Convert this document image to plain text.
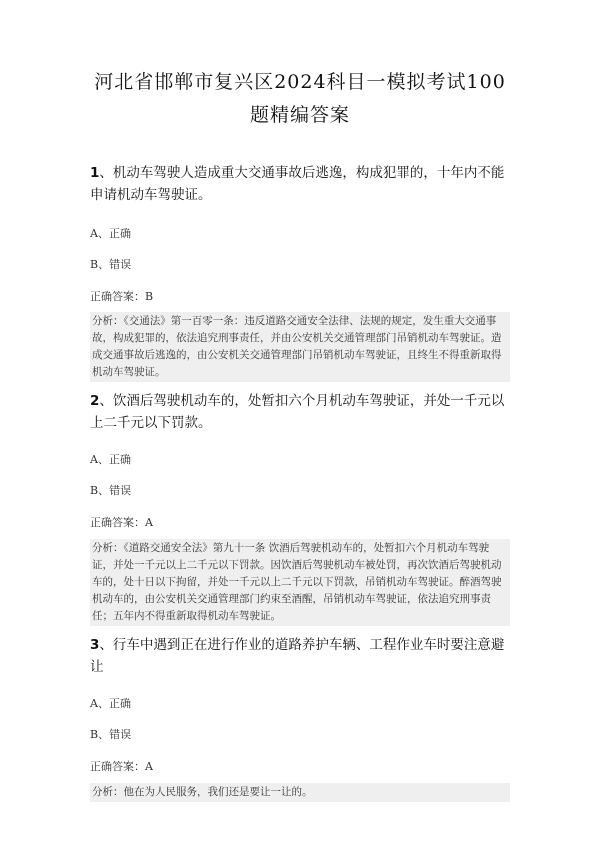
河北省邯郸市复兴区2024科目一模拟考试100题精编答案

1、机动车驾驶人造成重大交通事故后逃逸，构成犯罪的，十年内不能申请机动车驾驶证。

A、正确

B、错误

正确答案：B

分析：《交通法》第一百零一条：违反道路交通安全法律、法规的规定，发生重大交通事故，构成犯罪的，依法追究刑事责任，并由公安机关交通管理部门吊销机动车驾驶证。造成交通事故后逃逸的，由公安机关交通管理部门吊销机动车驾驶证，且终生不得重新取得机动车驾驶证。

2、饮酒后驾驶机动车的，处暂扣六个月机动车驾驶证，并处一千元以上二千元以下罚款。

A、正确

B、错误

正确答案：A

分析：《道路交通安全法》第九十一条 饮酒后驾驶机动车的，处暂扣六个月机动车驾驶证，并处一千元以上二千元以下罚款。因饮酒后驾驶机动车被处罚，再次饮酒后驾驶机动车的，处十日以下拘留，并处一千元以上二千元以下罚款，吊销机动车驾驶证。醉酒驾驶机动车的，由公安机关交通管理部门约束至酒醒，吊销机动车驾驶证，依法追究刑事责任；五年内不得重新取得机动车驾驶证。

3、行车中遇到正在进行作业的道路养护车辆、工程作业车时要注意避让

A、正确

B、错误

正确答案：A

分析：他在为人民服务，我们还是要让一让的。
